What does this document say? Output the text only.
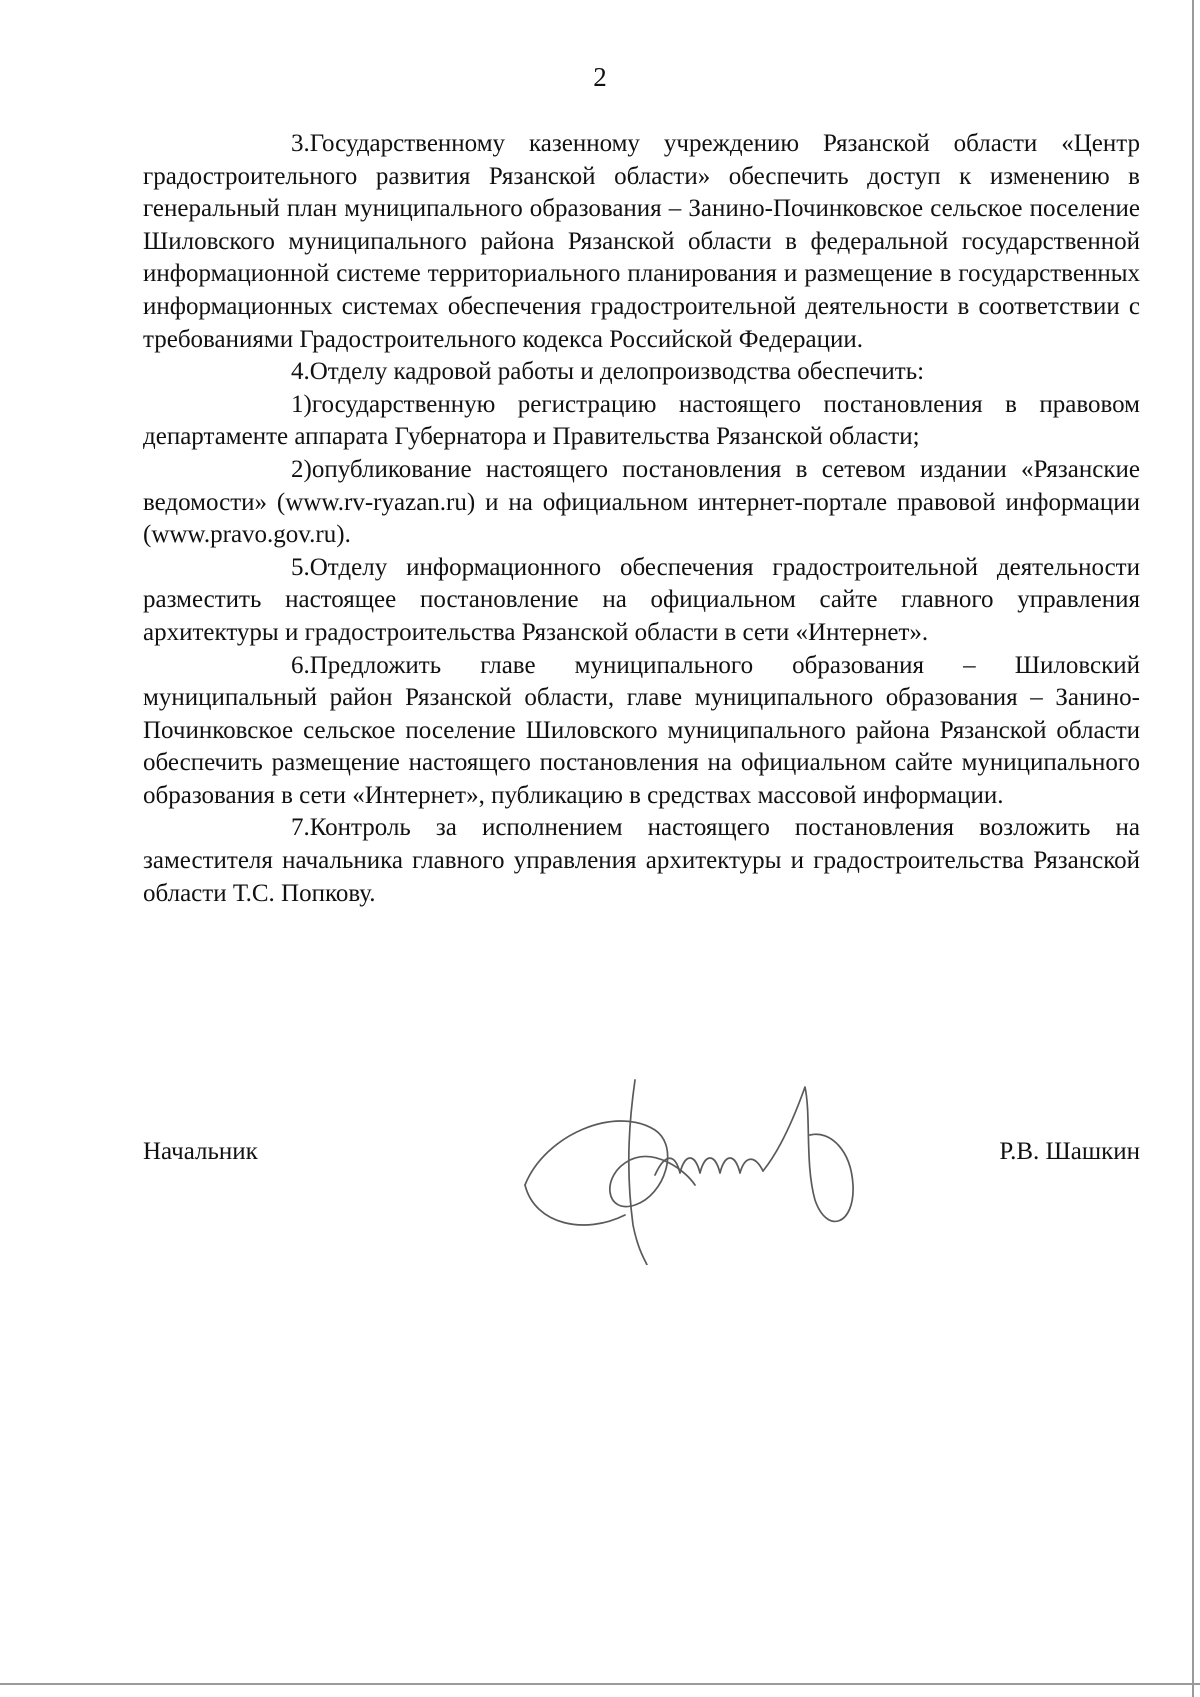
2

3.Государственному казенному учреждению Рязанской области «Центр градостроительного развития Рязанской области» обеспечить доступ к изменению в генеральный план муниципального образования – Занино-Починковское сельское поселение Шиловского муниципального района Рязанской области в федеральной государственной информационной системе территориального планирования и размещение в государственных информационных системах обеспечения градостроительной деятельности в соответствии с требованиями Градостроительного кодекса Российской Федерации.

4.Отделу кадровой работы и делопроизводства обеспечить:

1)государственную регистрацию настоящего постановления в правовом департаменте аппарата Губернатора и Правительства Рязанской области;

2)опубликование настоящего постановления в сетевом издании «Рязанские ведомости» (www.rv-ryazan.ru) и на официальном интернет-портале правовой информации (www.pravo.gov.ru).

5.Отделу информационного обеспечения градостроительной деятельности разместить настоящее постановление на официальном сайте главного управления архитектуры и градостроительства Рязанской области в сети «Интернет».

6.Предложить главе муниципального образования – Шиловский муниципальный район Рязанской области, главе муниципального образования – Занино-Починковское сельское поселение Шиловского муниципального района Рязанской области обеспечить размещение настоящего постановления на официальном сайте муниципального образования в сети «Интернет», публикацию в средствах массовой информации.

7.Контроль за исполнением настоящего постановления возложить на заместителя начальника главного управления архитектуры и градостроительства Рязанской области Т.С. Попкову.

Начальник	Р.В. Шашкин
